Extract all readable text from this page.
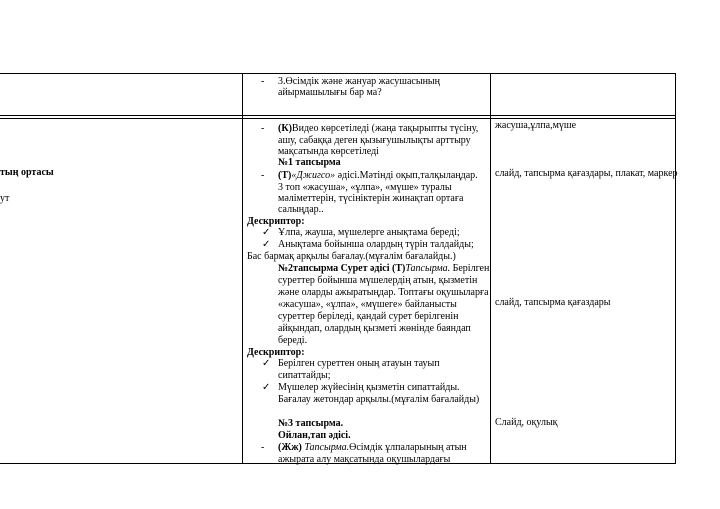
тың ортасы
ут
- 3.Өсімдік және жануар жасушасының
айырмашылығы бар ма?
- (К)Видео көрсетіледі (жаңа тақырыпты түсіну,
ашу, сабаққа деген қызығушылықты арттыру
мақсатында көрсетіледі
№1 тапсырма
- (Т)«Джигсо» әдісі.Мәтінді оқып,талқылаңдар.
3 топ «жасуша», «ұлпа», «мүше» туралы
мәліметтерін, түсініктерін жинақтап ортаға
салыңдар..
Дескриптор:
✓ Ұлпа, жауша, мүшелерге анықтама береді;
✓ Анықтама бойынша олардың түрін талдайды;
Бас бармақ арқылы бағалау.(мұғалім бағалайды.)
№2тапсырма Сурет әдісі (Т)Тапсырма. Берілген
суреттер бойынша мүшелердің атын, қызметін
және оларды ажыратыңдар. Топтағы оқушыларға
«жасуша», «ұлпа», «мүшеге» байланысты
суреттер беріледі, қандай сурет берілгенін
айқындап, олардың қызметі жөнінде баяндап
береді.
Дескриптор:
✓ Берілген суреттен оның атауын тауып
сипаттайды;
✓ Мүшелер жүйесінің қызметін сипаттайды.
Бағалау жетондар арқылы.(мұғалім бағалайды)
№3 тапсырма.
Ойлан,тап әдісі.
- (Жж) Тапсырма.Өсімдік ұлпаларының атын
ажырата алу мақсатында оқушылардағы
жасуша,ұлпа,мүше
слайд, тапсырма қағаздары, плакат, маркер
слайд, тапсырма қағаздары
Слайд, оқулық
